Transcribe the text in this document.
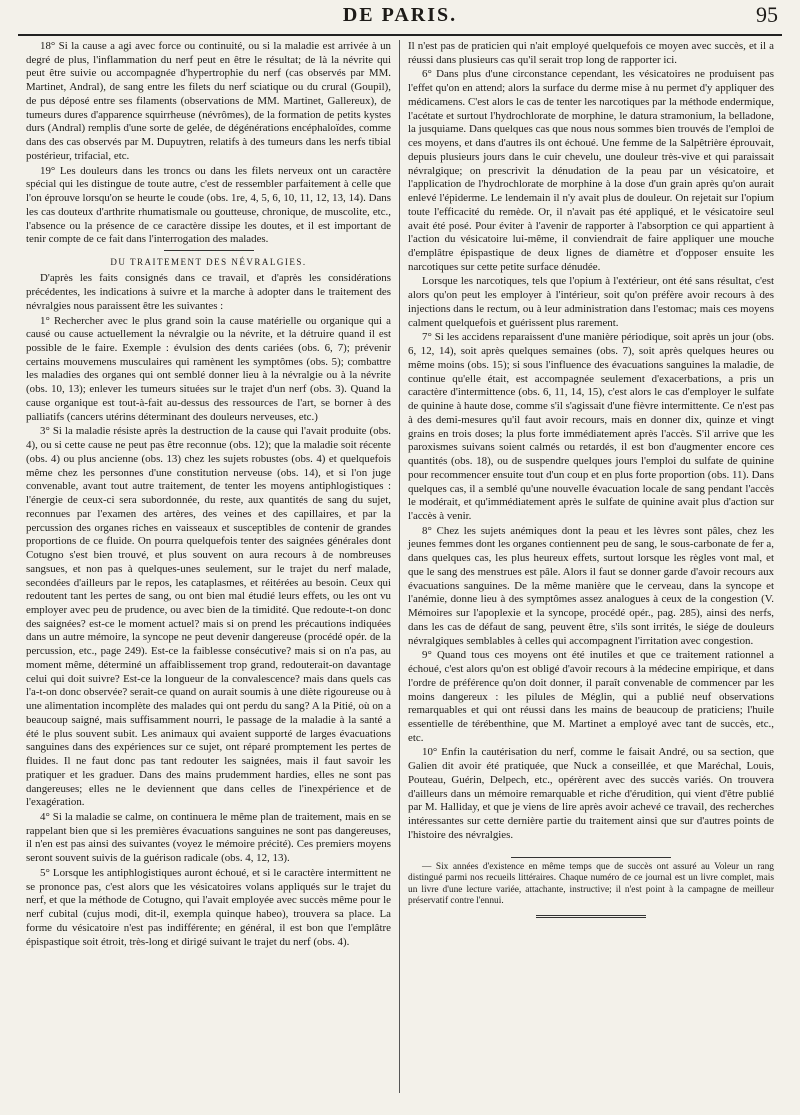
DE PARIS.	95

18° Si la cause a agi avec force ou continuité, ou si la maladie est arrivée à un degré de plus, l'inflammation du nerf peut en être le résultat; de là la névrite qui peut être suivie ou accompagnée d'hypertrophie du nerf (cas observés par MM. Martinet, Andral), de sang entre les filets du nerf sciatique ou du crural (Goupil), de pus déposé entre ses filaments (observations de MM. Martinet, Gallereux), de tumeurs dures d'apparence squirrheuse (névrômes), de la formation de petits kystes durs (Andral) remplis d'une sorte de gelée, de dégénérations encéphaloïdes, comme dans des cas observés par M. Dupuytren, relatifs à des tumeurs dans les nerfs tibial postérieur, trifacial, etc.

19° Les douleurs dans les troncs ou dans les filets nerveux ont un caractère spécial qui les distingue de toute autre, c'est de ressembler parfaitement à celle que l'on éprouve lorsqu'on se heurte le coude (obs. 1re, 4, 5, 6, 10, 11, 12, 13, 14). Dans les cas douteux d'arthrite rhumatismale ou goutteuse, chronique, de muscolite, etc., l'absence ou la présence de ce caractère dissipe les doutes, et il est important de tenir compte de ce fait dans l'interrogation des malades.

DU TRAITEMENT DES NÉVRALGIES.

D'après les faits consignés dans ce travail, et d'après les considérations précédentes, les indications à suivre et la marche à adopter dans le traitement des névralgies nous paraissent être les suivantes :

1° Rechercher avec le plus grand soin la cause matérielle ou organique qui a causé ou cause actuellement la névralgie ou la névrite, et la détruire quand il est possible de le faire. Exemple : évulsion des dents cariées (obs. 6, 7); prévenir certains mouvemens musculaires qui ramènent les symptômes (obs. 5); combattre les maladies des organes qui ont semblé donner lieu à la névralgie ou à la névrite (obs. 10, 13); enlever les tumeurs situées sur le trajet d'un nerf (obs. 3). Quand la cause organique est tout-à-fait au-dessus des ressources de l'art, se borner à des palliatifs (cancers utérins déterminant des douleurs nerveuses, etc.)

3° Si la maladie résiste après la destruction de la cause qui l'avait produite (obs. 4), ou si cette cause ne peut pas être reconnue (obs. 12); que la maladie soit récente (obs. 4) ou plus ancienne (obs. 13) chez les sujets robustes (obs. 4) et quelquefois même chez les personnes d'une constitution nerveuse (obs. 14), et si l'on juge convenable, avant tout autre traitement, de tenter les moyens antiphlogistiques : l'énergie de ceux-ci sera subordonnée, du reste, aux quantités de sang du sujet, reconnues par l'examen des artères, des veines et des capillaires, et par la percussion des organes riches en vaisseaux et susceptibles de contenir de grandes proportions de ce fluide. On pourra quelquefois tenter des saignées générales dont Cotugno s'est bien trouvé, et plus souvent on aura recours à de nombreuses sangsues, et non pas à quelques-unes seulement, sur le trajet du nerf malade, secondées d'ailleurs par le repos, les cataplasmes, et réitérées au besoin. Ceux qui redoutent tant les pertes de sang, ou ont bien mal étudié leurs effets, ou les ont vu employer avec peu de prudence, ou avec bien de la timidité. Que redoute-t-on donc des saignées? est-ce le moment actuel? mais si on prend les précautions indiquées dans un autre mémoire, la syncope ne peut devenir dangereuse (procédé opér. de la percussion, etc., page 249). Est-ce la faiblesse consécutive? mais si on n'a pas, au moment même, déterminé un affaiblissement trop grand, redouterait-on davantage celui qui doit suivre? Est-ce la longueur de la convalescence? mais dans quels cas l'a-t-on donc observée? serait-ce quand on aurait soumis à une diète rigoureuse ou à une alimentation incomplète des malades qui ont perdu du sang? A la Pitié, où on a beaucoup saigné, mais suffisamment nourri, le passage de la maladie à la santé a été le plus souvent subit. Les animaux qui avaient supporté de larges évacuations sanguines dans des expériences sur ce sujet, ont réparé promptement les pertes de fluides. Il ne faut donc pas tant redouter les saignées, mais il faut savoir les pratiquer et les graduer. Dans des mains prudemment hardies, elles ne sont pas dangereuses; elles ne le deviennent que dans celles de l'inexpérience et de l'exagération.

4° Si la maladie se calme, on continuera le même plan de traitement, mais en se rappelant bien que si les premières évacuations sanguines ne sont pas dangereuses, il n'en est pas ainsi des suivantes (voyez le mémoire précité). Ces premiers moyens seront souvent suivis de la guérison radicale (obs. 4, 12, 13).

5° Lorsque les antiphlogistiques auront échoué, et si le caractère intermittent ne se prononce pas, c'est alors que les vésicatoires volans appliqués sur le trajet du nerf, et que la méthode de Cotugno, qui l'avait employée avec succès même pour le nerf cubital (cujus modi, dit-il, exempla quinque habeo), trouvera sa place. La forme du vésicatoire n'est pas indifférente; en général, il est bon que l'emplâtre épispastique soit étroit, très-long et dirigé suivant le trajet du nerf (obs. 4).

Il n'est pas de praticien qui n'ait employé quelquefois ce moyen avec succès, et il a réussi dans plusieurs cas qu'il serait trop long de rapporter ici.

6° Dans plus d'une circonstance cependant, les vésicatoires ne produisent pas l'effet qu'on en attend; alors la surface du derme mise à nu permet d'y appliquer des médicamens. C'est alors le cas de tenter les narcotiques par la méthode endermique, l'acétate et surtout l'hydrochlorate de morphine, le datura stramonium, la belladone, la jusquiame. Dans quelques cas que nous nous sommes bien trouvés de l'emploi de ces moyens, et dans d'autres ils ont échoué. Une femme de la Salpêtrière éprouvait, depuis plusieurs jours dans le cuir chevelu, une douleur très-vive et qui paraissait névralgique; on prescrivit la dénudation de la peau par un vésicatoire, et l'application de l'hydrochlorate de morphine à la dose d'un grain après qu'on aurait enlevé l'épiderme. Le lendemain il n'y avait plus de douleur. On rejetait sur l'opium toute l'efficacité du remède. Or, il n'avait pas été appliqué, et le vésicatoire seul avait été posé. Pour éviter à l'avenir de rapporter à l'absorption ce qui appartient à l'action du vésicatoire lui-même, il conviendrait de faire appliquer une mouche d'emplâtre épispastique de deux lignes de diamètre et d'opposer ensuite les narcotiques sur cette petite surface dénudée.

Lorsque les narcotiques, tels que l'opium à l'extérieur, ont été sans résultat, c'est alors qu'on peut les employer à l'intérieur, soit qu'on préfère avoir recours à des injections dans le rectum, ou à leur administration dans l'estomac; mais ces moyens calment quelquefois et guérissent plus rarement.

7° Si les accidens reparaissent d'une manière périodique, soit après un jour (obs. 6, 12, 14), soit après quelques semaines (obs. 7), soit après quelques heures ou même moins (obs. 15); si sous l'influence des évacuations sanguines la maladie, de continue qu'elle était, est accompagnée seulement d'exacerbations, a pris un caractère d'intermittence (obs. 6, 11, 14, 15), c'est alors le cas d'employer le sulfate de quinine à haute dose, comme s'il s'agissait d'une fièvre intermittente. Ce n'est pas à des demi-mesures qu'il faut avoir recours, mais en donner dix, quinze et vingt grains en trois doses; la plus forte immédiatement après l'accès. S'il arrive que les paroxismes suivans soient calmés ou retardés, il est bon d'augmenter encore ces quantités (obs. 18), ou de suspendre quelques jours l'emploi du sulfate de quinine pour recommencer ensuite tout d'un coup et en plus forte proportion (obs. 11). Dans quelques cas, il a semblé qu'une nouvelle évacuation locale de sang pendant l'accès le modérait, et qu'immédiatement après le sulfate de quinine avait plus d'action sur l'accès à venir.

8° Chez les sujets anémiques dont la peau et les lèvres sont pâles, chez les jeunes femmes dont les organes contiennent peu de sang, le sous-carbonate de fer a, dans quelques cas, les plus heureux effets, surtout lorsque les règles vont mal, et que le sang des menstrues est pâle. Alors il faut se donner garde d'avoir recours aux évacuations sanguines. De la même manière que le cerveau, dans la syncope et l'anémie, donne lieu à des symptômes assez analogues à ceux de la congestion (V. Mémoires sur l'apoplexie et la syncope, procédé opér., pag. 285), ainsi des nerfs, dans les cas de défaut de sang, peuvent être, s'ils sont irrités, le siége de douleurs névralgiques semblables à celles qui accompagnent l'irritation avec congestion.

9° Quand tous ces moyens ont été inutiles et que ce traitement rationnel a échoué, c'est alors qu'on est obligé d'avoir recours à la médecine empirique, et dans l'ordre de préférence qu'on doit donner, il paraît convenable de commencer par les moins dangereux : les pilules de Méglin, qui a publié neuf observations remarquables et qui ont réussi dans les mains de beaucoup de praticiens; l'huile essentielle de térébenthine, que M. Martinet a employé avec tant de succès, etc., etc.

10° Enfin la cautérisation du nerf, comme le faisait André, ou sa section, que Galien dit avoir été pratiquée, que Nuck a conseillée, et que Maréchal, Louis, Pouteau, Guérin, Delpech, etc., opérèrent avec des succès variés. On trouvera d'ailleurs dans un mémoire remarquable et riche d'érudition, qui vient d'être publié par M. Halliday, et que je viens de lire après avoir achevé ce travail, des recherches intéressantes sur cette dernière partie du traitement ainsi que sur d'autres points de l'histoire des névralgies.

— Six années d'existence en même temps que de succès ont assuré au Voleur un rang distingué parmi nos recueils littéraires. Chaque numéro de ce journal est un livre complet, mais un livre d'une lecture variée, attachante, instructive; il n'est point à la campagne de meilleur préservatif contre l'ennui.
